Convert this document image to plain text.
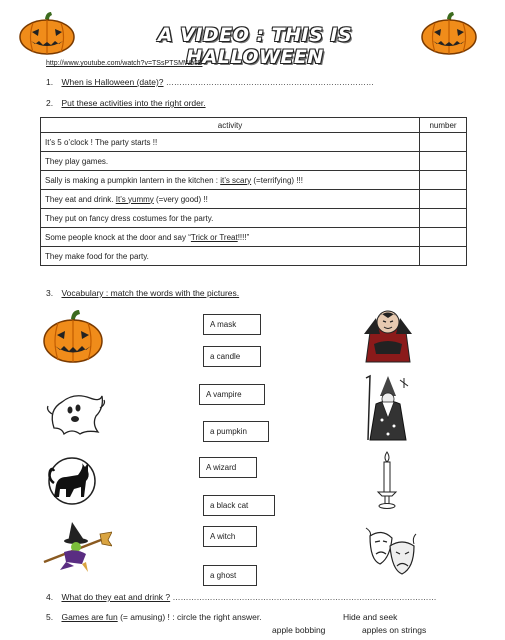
A VIDEO : THIS IS HALLOWEEN
http://www.youtube.com/watch?v=TSsPTSMWoJE
1. When is Halloween (date)? ……………………………………………………………………
2. Put these activities into the right order.
activity	number
It’s 5 o’clock ! The party starts !!	
They play games.	
Sally is making a pumpkin lantern in the kitchen : it’s scary (=terrifying) !!!	
They eat and drink. It’s yummy (=very good) !!	
They put on fancy dress costumes for the party.	
Some people knock at the door and say “Trick or Treat!!!!”	
They make food for the party.	
3. Vocabulary : match the words with the pictures.
A mask
a candle
A vampire
a pumpkin
A wizard
a black cat
A witch
a ghost
4. What do they eat and drink ? ………………………………………………………………………………………
5. Games are fun (= amusing) ! : circle the right answer.	Hide and seek
apple bobbing	apples on strings
